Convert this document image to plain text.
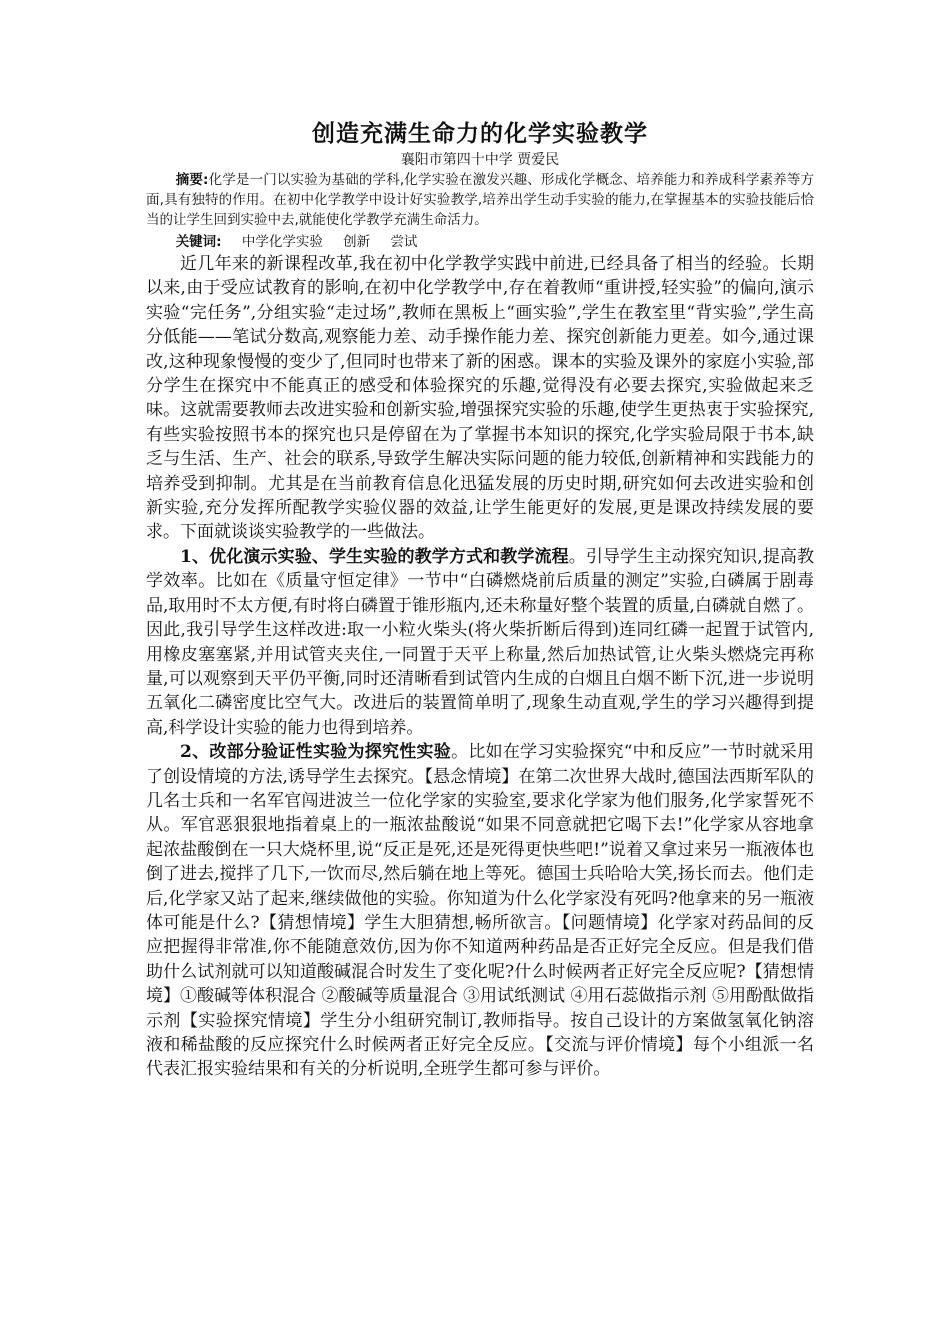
创造充满生命力的化学实验教学

襄阳市第四十中学 贾爱民

摘要:化学是一门以实验为基础的学科,化学实验在激发兴趣、形成化学概念、培养能力和养成科学素养等方面,具有独特的作用。在初中化学教学中设计好实验教学,培养出学生动手实验的能力,在掌握基本的实验技能后恰当的让学生回到实验中去,就能使化学教学充满生命活力。

关键词: 中学化学实验 创新 尝试

近几年来的新课程改革,我在初中化学教学实践中前进,已经具备了相当的经验。长期以来,由于受应试教育的影响,在初中化学教学中,存在着教师“重讲授,轻实验”的偏向,演示实验“完任务”,分组实验“走过场”,教师在黑板上“画实验”,学生在教室里“背实验”,学生高分低能——笔试分数高,观察能力差、动手操作能力差、探究创新能力更差。如今,通过课改,这种现象慢慢的变少了,但同时也带来了新的困惑。课本的实验及课外的家庭小实验,部分学生在探究中不能真正的感受和体验探究的乐趣,觉得没有必要去探究,实验做起来乏味。这就需要教师去改进实验和创新实验,增强探究实验的乐趣,使学生更热衷于实验探究,有些实验按照书本的探究也只是停留在为了掌握书本知识的探究,化学实验局限于书本,缺乏与生活、生产、社会的联系,导致学生解决实际问题的能力较低,创新精神和实践能力的培养受到抑制。尤其是在当前教育信息化迅猛发展的历史时期,研究如何去改进实验和创新实验,充分发挥所配教学实验仪器的效益,让学生能更好的发展,更是课改持续发展的要求。下面就谈谈实验教学的一些做法。

1、优化演示实验、学生实验的教学方式和教学流程。引导学生主动探究知识,提高教学效率。比如在《质量守恒定律》一节中“白磷燃烧前后质量的测定”实验,白磷属于剧毒品,取用时不太方便,有时将白磷置于锥形瓶内,还未称量好整个装置的质量,白磷就自燃了。因此,我引导学生这样改进:取一小粒火柴头(将火柴折断后得到)连同红磷一起置于试管内,用橡皮塞塞紧,并用试管夹夹住,一同置于天平上称量,然后加热试管,让火柴头燃烧完再称量,可以观察到天平仍平衡,同时还清晰看到试管内生成的白烟且白烟不断下沉,进一步说明五氧化二磷密度比空气大。改进后的装置简单明了,现象生动直观,学生的学习兴趣得到提高,科学设计实验的能力也得到培养。

2、改部分验证性实验为探究性实验。比如在学习实验探究“中和反应”一节时就采用了创设情境的方法,诱导学生去探究。【悬念情境】在第二次世界大战时,德国法西斯军队的几名士兵和一名军官闯进波兰一位化学家的实验室,要求化学家为他们服务,化学家誓死不从。军官恶狠狠地指着桌上的一瓶浓盐酸说“如果不同意就把它喝下去!”化学家从容地拿起浓盐酸倒在一只大烧杯里,说“反正是死,还是死得更快些吧!”说着又拿过来另一瓶液体也倒了进去,搅拌了几下,一饮而尽,然后躺在地上等死。德国士兵哈哈大笑,扬长而去。他们走后,化学家又站了起来,继续做他的实验。你知道为什么化学家没有死吗?他拿来的另一瓶液体可能是什么?【猜想情境】学生大胆猜想,畅所欲言。【问题情境】化学家对药品间的反应把握得非常准,你不能随意效仿,因为你不知道两种药品是否正好完全反应。但是我们借助什么试剂就可以知道酸碱混合时发生了变化呢?什么时候两者正好完全反应呢?【猜想情境】①酸碱等体积混合 ②酸碱等质量混合 ③用试纸测试 ④用石蕊做指示剂 ⑤用酚酞做指示剂【实验探究情境】学生分小组研究制订,教师指导。按自己设计的方案做氢氧化钠溶液和稀盐酸的反应探究什么时候两者正好完全反应。【交流与评价情境】每个小组派一名代表汇报实验结果和有关的分析说明,全班学生都可参与评价。
